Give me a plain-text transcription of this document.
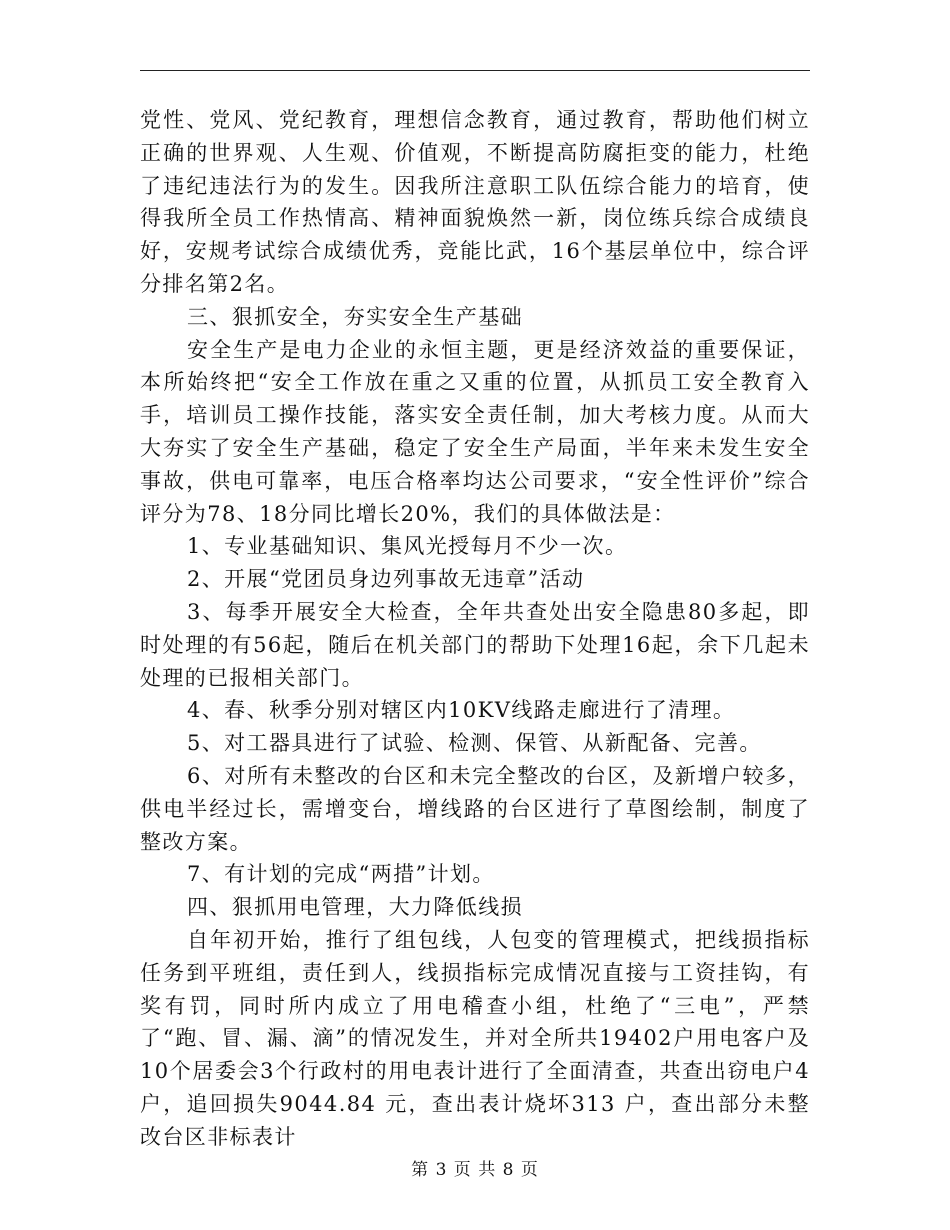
党性、党风、党纪教育，理想信念教育，通过教育，帮助他们树立正确的世界观、人生观、价值观，不断提高防腐拒变的能力，杜绝了违纪违法行为的发生。因我所注意职工队伍综合能力的培育，使得我所全员工作热情高、精神面貌焕然一新，岗位练兵综合成绩良好，安规考试综合成绩优秀，竞能比武，16个基层单位中，综合评分排名第2名。

三、狠抓安全，夯实安全生产基础

安全生产是电力企业的永恒主题，更是经济效益的重要保证，本所始终把“安全工作放在重之又重的位置，从抓员工安全教育入手，培训员工操作技能，落实安全责任制，加大考核力度。从而大大夯实了安全生产基础，稳定了安全生产局面，半年来未发生安全事故，供电可靠率，电压合格率均达公司要求，“安全性评价”综合评分为78、18分同比增长20%，我们的具体做法是：

1、专业基础知识、集风光授每月不少一次。

2、开展“党团员身边列事故无违章”活动

3、每季开展安全大检查，全年共查处出安全隐患80多起，即时处理的有56起，随后在机关部门的帮助下处理16起，余下几起未处理的已报相关部门。

4、春、秋季分别对辖区内10KV线路走廊进行了清理。

5、对工器具进行了试验、检测、保管、从新配备、完善。

6、对所有未整改的台区和未完全整改的台区，及新增户较多，供电半经过长，需增变台，增线路的台区进行了草图绘制，制度了整改方案。

7、有计划的完成“两措”计划。

四、狠抓用电管理，大力降低线损

自年初开始，推行了组包线，人包变的管理模式，把线损指标任务到平班组，责任到人，线损指标完成情况直接与工资挂钩，有奖有罚，同时所内成立了用电稽查小组，杜绝了“三电”，严禁了“跑、冒、漏、滴”的情况发生，并对全所共19402户用电客户及10个居委会3个行政村的用电表计进行了全面清查，共查出窃电户4户，追回损失9044.84 元，查出表计烧坏313 户，查出部分未整改台区非标表计

第 3 页 共 8 页
